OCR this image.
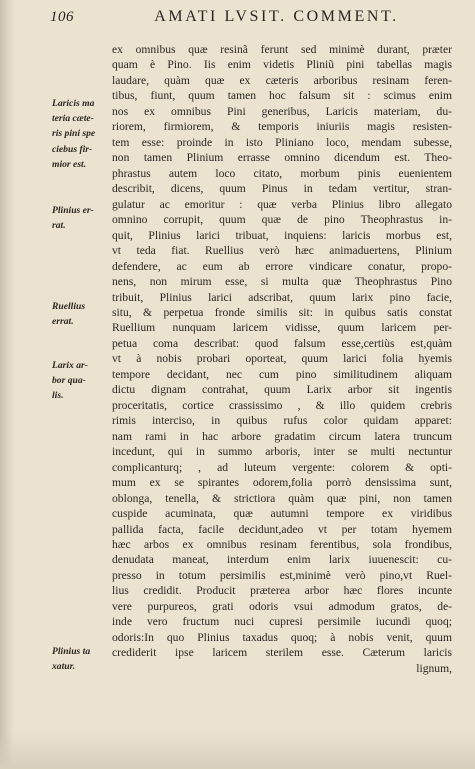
106	AMATI LVSIT. COMMENT.
ex omnibus quæ resinã ferunt sed minimè durant, præter
quam è Pino. Iis enim videtis Pliniũ pini tabellas magis
laudare, quàm quæ ex cæteris arboribus resinam feren-
tibus, fiunt, quum tamen hoc falsum sit : scimus enim
nos ex omnibus Pini generibus, Laricis materiam, du-
riorem, firmiorem, & temporis iniuriis magis resisten-
tem esse: proinde in isto Pliniano loco, mendam subesse,
non tamen Plinium errasse omnino dicendum est. Theo-
phrastus autem loco citato, morbum pinis euenientem
describit, dicens, quum Pinus in tedam vertitur, stran-
gulatur ac emoritur : quæ verba Plinius libro allegato
omnino corrupit, quum quæ de pino Theophrastus in-
quit, Plinius larici tribuat, inquiens: laricis morbus est,
vt teda fiat. Ruellius verò hæc animaduertens, Plinium
defendere, ac eum ab errore vindicare conatur, propo-
nens, non mirum esse, si multa quæ Theophrastus Pino
tribuit, Plinius larici adscribat, quum larix pino facie,
situ, & perpetua fronde similis sit: in quibus satis constat
Ruellium nunquam laricem vidisse, quum laricem per-
petua coma describat: quod falsum esse,certiùs est,quàm
vt à nobis probari oporteat, quum larici folia hyemis
tempore decidant, nec cum pino similitudinem aliquam
dictu dignam contrahat, quum Larix arbor sit ingentis
proceritatis, cortice crassissimo , & illo quidem crebris
rimis interciso, in quibus rufus color quidam apparet:
nam rami in hac arbore gradatim circum latera truncum
incedunt, qui in summo arboris, inter se multi nectuntur
complicanturq; , ad luteum vergente: colorem & opti-
mum ex se spirantes odorem,folia porrò densissima sunt,
oblonga, tenella, & strictiora quàm quæ pini, non tamen
cuspide acuminata, quæ autumni tempore ex viridibus
pallida facta, facile decidunt,adeo vt per totam hyemem
hæc arbos ex omnibus resinam ferentibus, sola frondibus,
denudata maneat, interdum enim larix iuuenescit: cu-
presso in totum persimilis est,minimè verò pino,vt Ruel-
lius credidit. Producit præterea arbor hæc flores incunte
vere purpureos, grati odoris vsui admodum gratos, de-
inde vero fructum nuci cupresi persimile iucundi quoq;
odoris:In quo Plinius taxadus quoq; à nobis venit, quum
crediderit ipse laricem sterilem esse. Cæterum laricis
lignum,
Laricis ma
teria cæte-
ris pini spe
ciebus fir-
mior est.
Plinius er-
rat.
Ruellius
errat.
Larix ar-
bor qua-
lis.
Plinius ta
xatur.
